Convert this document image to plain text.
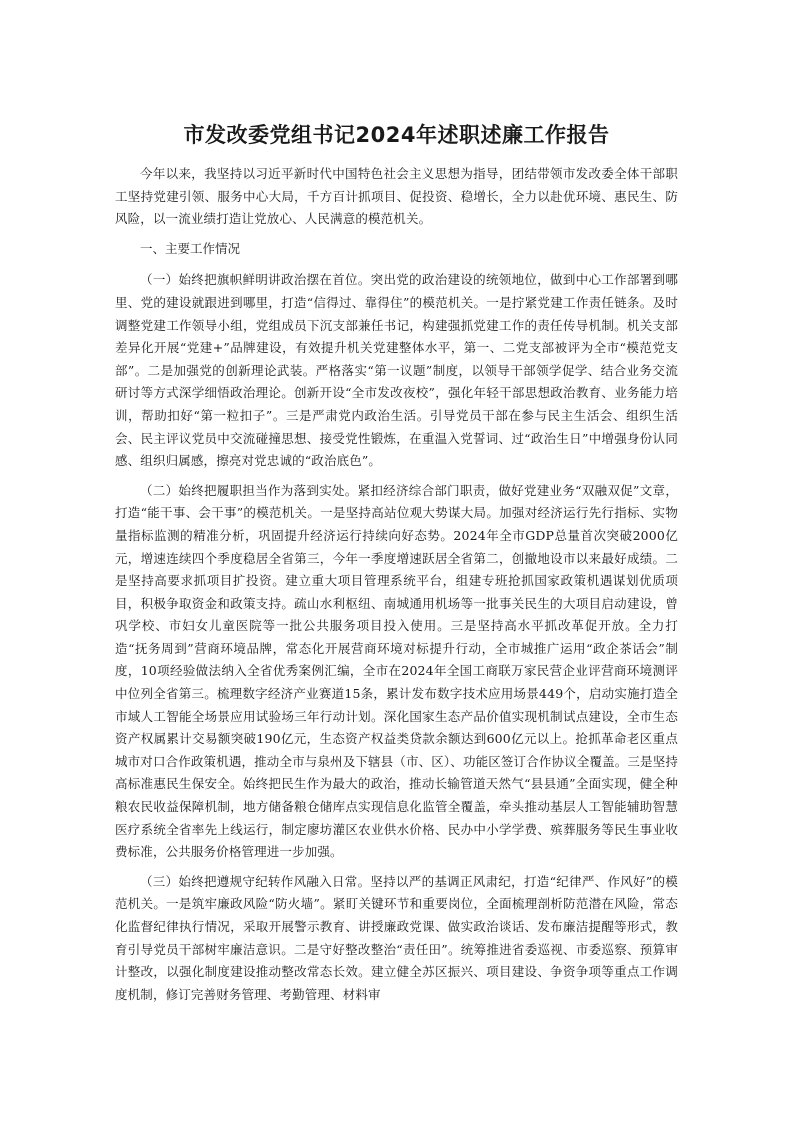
市发改委党组书记2024年述职述廉工作报告

今年以来，我坚持以习近平新时代中国特色社会主义思想为指导，团结带领市发改委全体干部职工坚持党建引领、服务中心大局，千方百计抓项目、促投资、稳增长，全力以赴优环境、惠民生、防风险，以一流业绩打造让党放心、人民满意的模范机关。

一、主要工作情况

（一）始终把旗帜鲜明讲政治摆在首位。突出党的政治建设的统领地位，做到中心工作部署到哪里、党的建设就跟进到哪里，打造“信得过、靠得住”的模范机关。一是拧紧党建工作责任链条。及时调整党建工作领导小组，党组成员下沉支部兼任书记，构建强抓党建工作的责任传导机制。机关支部差异化开展“党建+”品牌建设，有效提升机关党建整体水平，第一、二党支部被评为全市“模范党支部”。二是加强党的创新理论武装。严格落实“第一议题”制度，以领导干部领学促学、结合业务交流研讨等方式深学细悟政治理论。创新开设“全市发改夜校”，强化年轻干部思想政治教育、业务能力培训，帮助扣好“第一粒扣子”。三是严肃党内政治生活。引导党员干部在参与民主生活会、组织生活会、民主评议党员中交流碰撞思想、接受党性锻炼，在重温入党誓词、过“政治生日”中增强身份认同感、组织归属感，擦亮对党忠诚的“政治底色”。

（二）始终把履职担当作为落到实处。紧扣经济综合部门职责，做好党建业务“双融双促”文章，打造“能干事、会干事”的模范机关。一是坚持高站位观大势谋大局。加强对经济运行先行指标、实物量指标监测的精准分析，巩固提升经济运行持续向好态势。2024年全市GDP总量首次突破2000亿元，增速连续四个季度稳居全省第三，今年一季度增速跃居全省第二，创撤地设市以来最好成绩。二是坚持高要求抓项目扩投资。建立重大项目管理系统平台，组建专班抢抓国家政策机遇谋划优质项目，积极争取资金和政策支持。疏山水利枢纽、南城通用机场等一批事关民生的大项目启动建设，曾巩学校、市妇女儿童医院等一批公共服务项目投入使用。三是坚持高水平抓改革促开放。全力打造“抚务周到”营商环境品牌，常态化开展营商环境对标提升行动，全市城推广运用“政企茶话会”制度，10项经验做法纳入全省优秀案例汇编，全市在2024年全国工商联万家民营企业评营商环境测评中位列全省第三。梳理数字经济产业赛道15条，累计发布数字技术应用场景449个，启动实施打造全市域人工智能全场景应用试验场三年行动计划。深化国家生态产品价值实现机制试点建设，全市生态资产权属累计交易额突破190亿元，生态资产权益类贷款余额达到600亿元以上。抢抓革命老区重点城市对口合作政策机遇，推动全市与泉州及下辖县（市、区）、功能区签订合作协议全覆盖。三是坚持高标准惠民生保安全。始终把民生作为最大的政治，推动长输管道天然气“县县通”全面实现，健全种粮农民收益保障机制，地方储备粮仓储库点实现信息化监管全覆盖，牵头推动基层人工智能辅助智慧医疗系统全省率先上线运行，制定廖坊灌区农业供水价格、民办中小学学费、殡葬服务等民生事业收费标准，公共服务价格管理进一步加强。

（三）始终把遵规守纪转作风融入日常。坚持以严的基调正风肃纪，打造“纪律严、作风好”的模范机关。一是筑牢廉政风险“防火墙”。紧盯关键环节和重要岗位，全面梳理剖析防范潜在风险，常态化监督纪律执行情况，采取开展警示教育、讲授廉政党课、做实政治谈话、发布廉洁提醒等形式，教育引导党员干部树牢廉洁意识。二是守好整改整治“责任田”。统筹推进省委巡视、市委巡察、预算审计整改，以强化制度建设推动整改常态长效。建立健全苏区振兴、项目建设、争资争项等重点工作调度机制，修订完善财务管理、考勤管理、材料审
